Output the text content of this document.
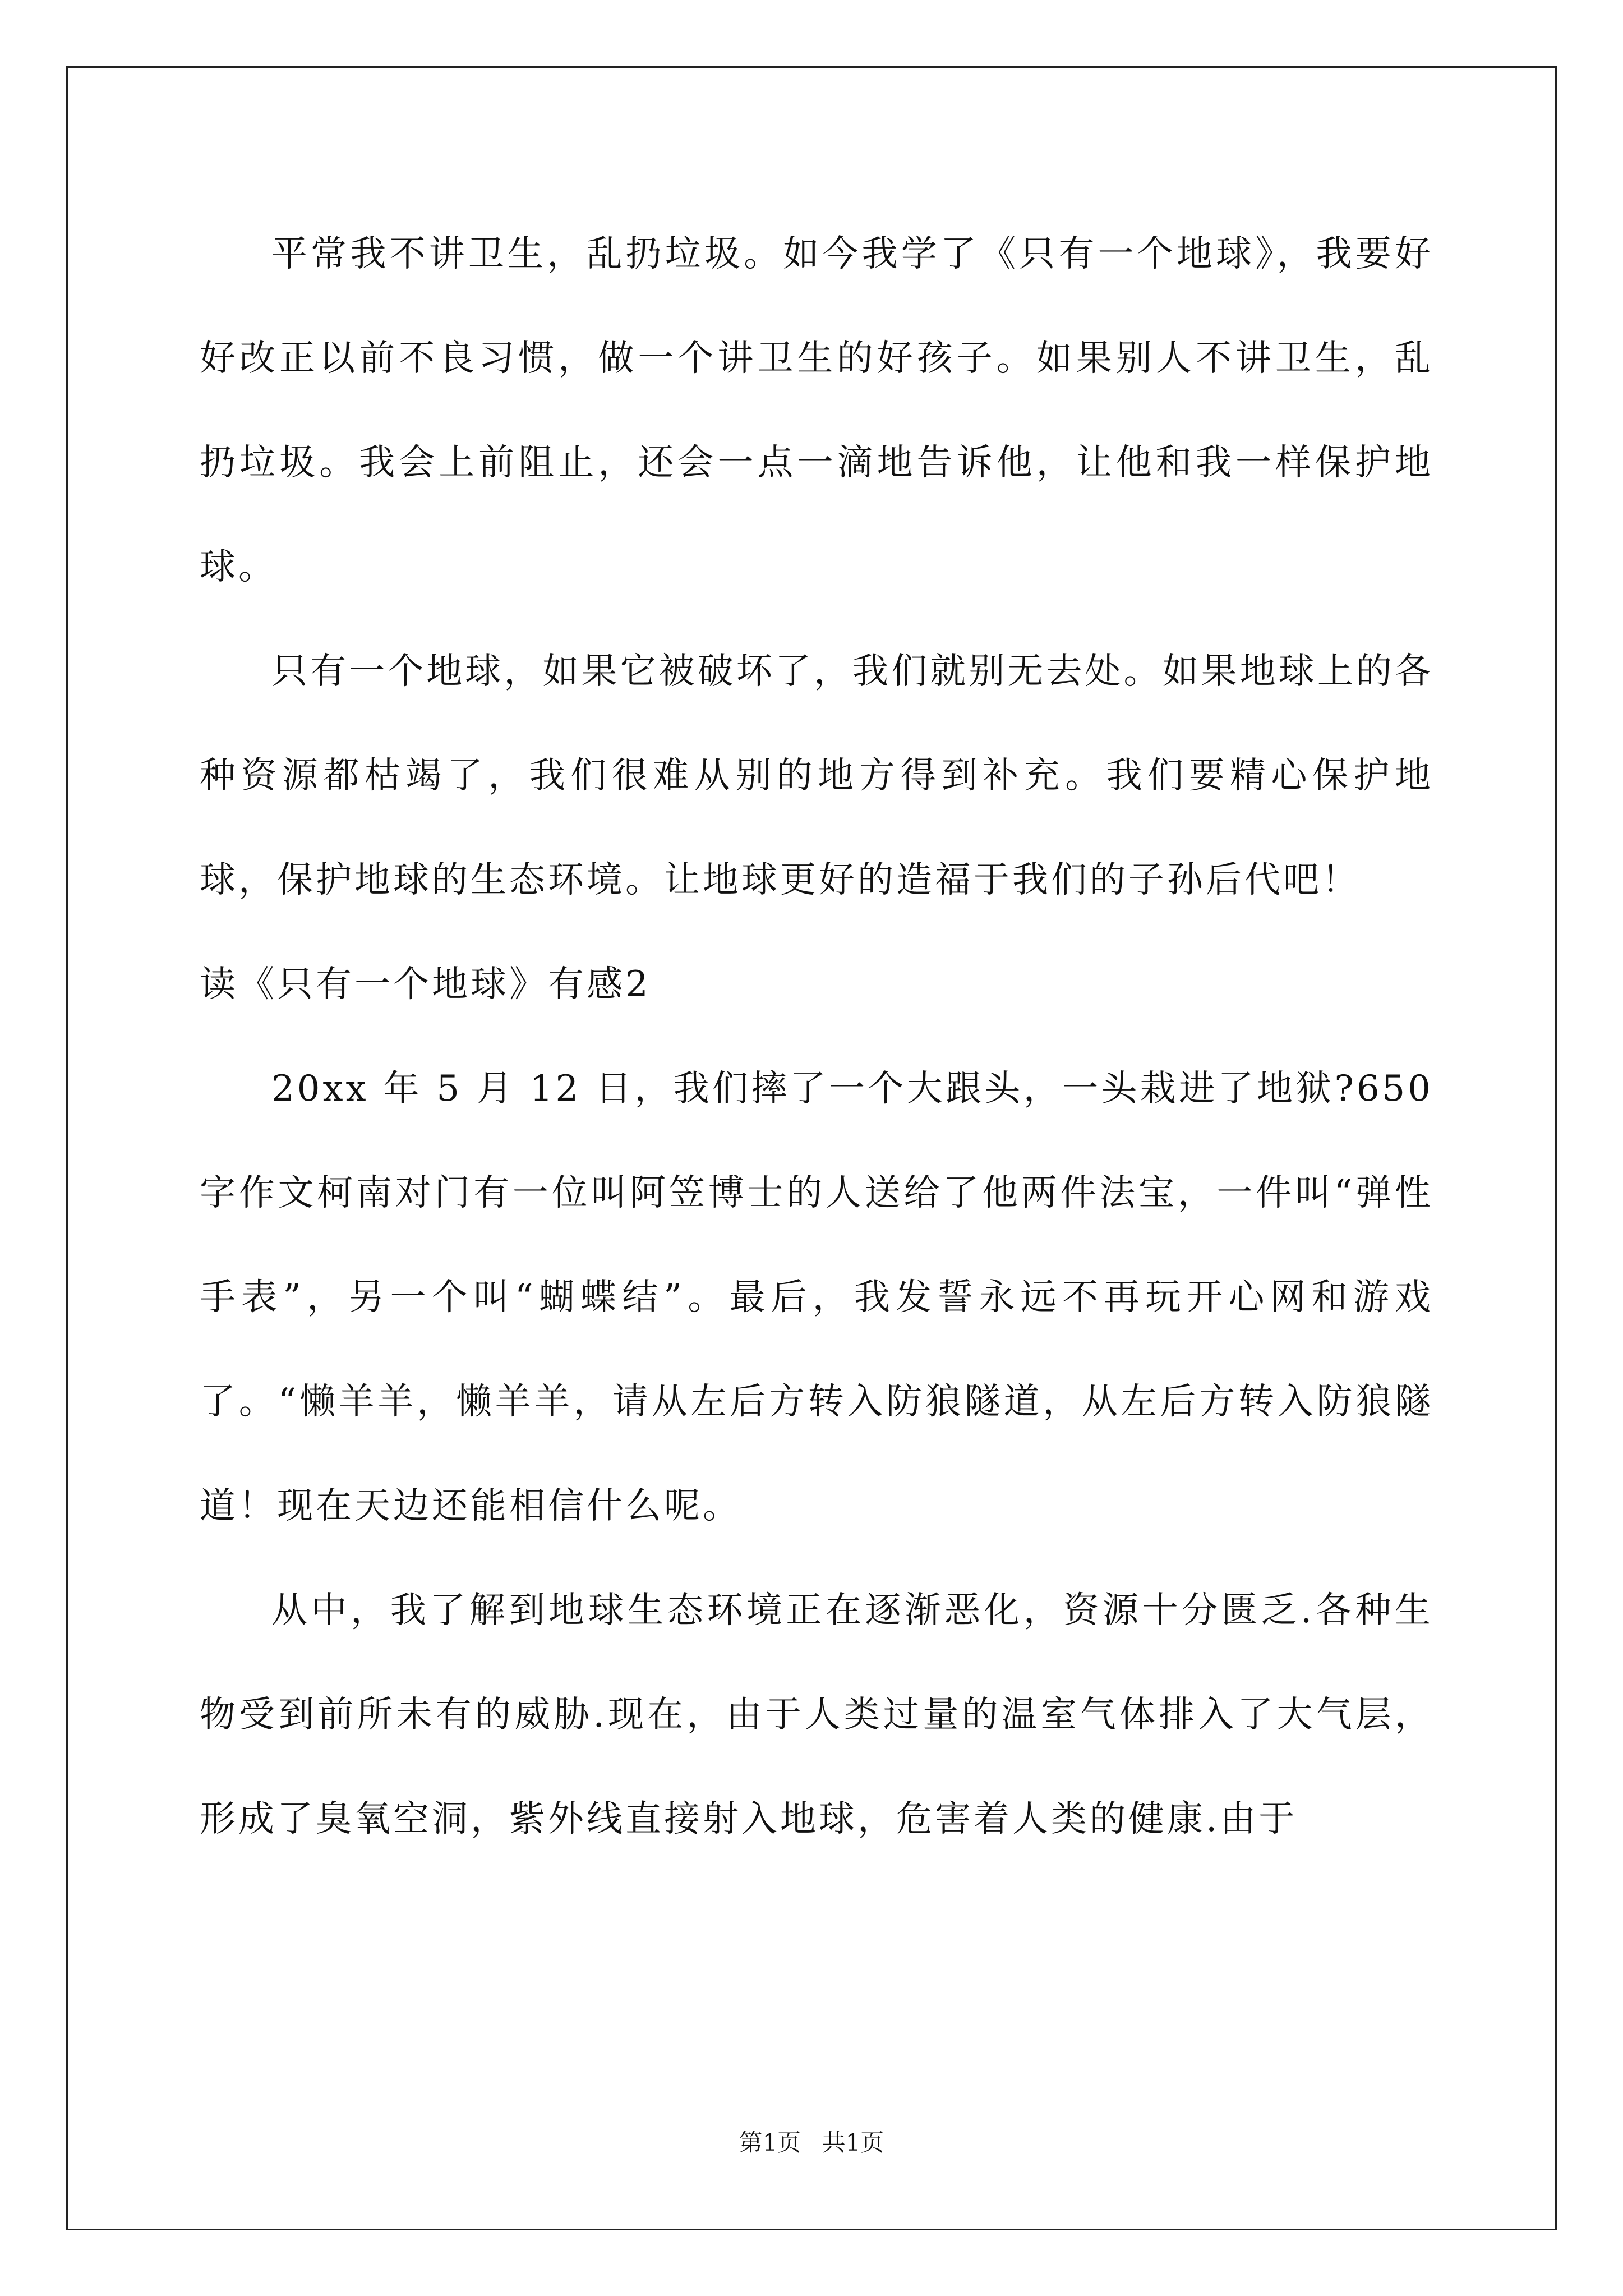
平常我不讲卫生，乱扔垃圾。如今我学了《只有一个地球》，我要好好改正以前不良习惯，做一个讲卫生的好孩子。如果别人不讲卫生，乱扔垃圾。我会上前阻止，还会一点一滴地告诉他，让他和我一样保护地球。

只有一个地球，如果它被破坏了，我们就别无去处。如果地球上的各种资源都枯竭了，我们很难从别的地方得到补充。我们要精心保护地球，保护地球的生态环境。让地球更好的造福于我们的子孙后代吧！

读《只有一个地球》有感2

20xx 年 5 月 12 日，我们摔了一个大跟头，一头栽进了地狱?650 字作文柯南对门有一位叫阿笠博士的人送给了他两件法宝，一件叫“弹性手表”，另一个叫“蝴蝶结”。最后，我发誓永远不再玩开心网和游戏了。“懒羊羊，懒羊羊，请从左后方转入防狼隧道，从左后方转入防狼隧道！现在天边还能相信什么呢。

从中，我了解到地球生态环境正在逐渐恶化，资源十分匮乏.各种生物受到前所未有的威胁.现在，由于人类过量的温室气体排入了大气层，形成了臭氧空洞，紫外线直接射入地球，危害着人类的健康.由于

第1页 共1页
